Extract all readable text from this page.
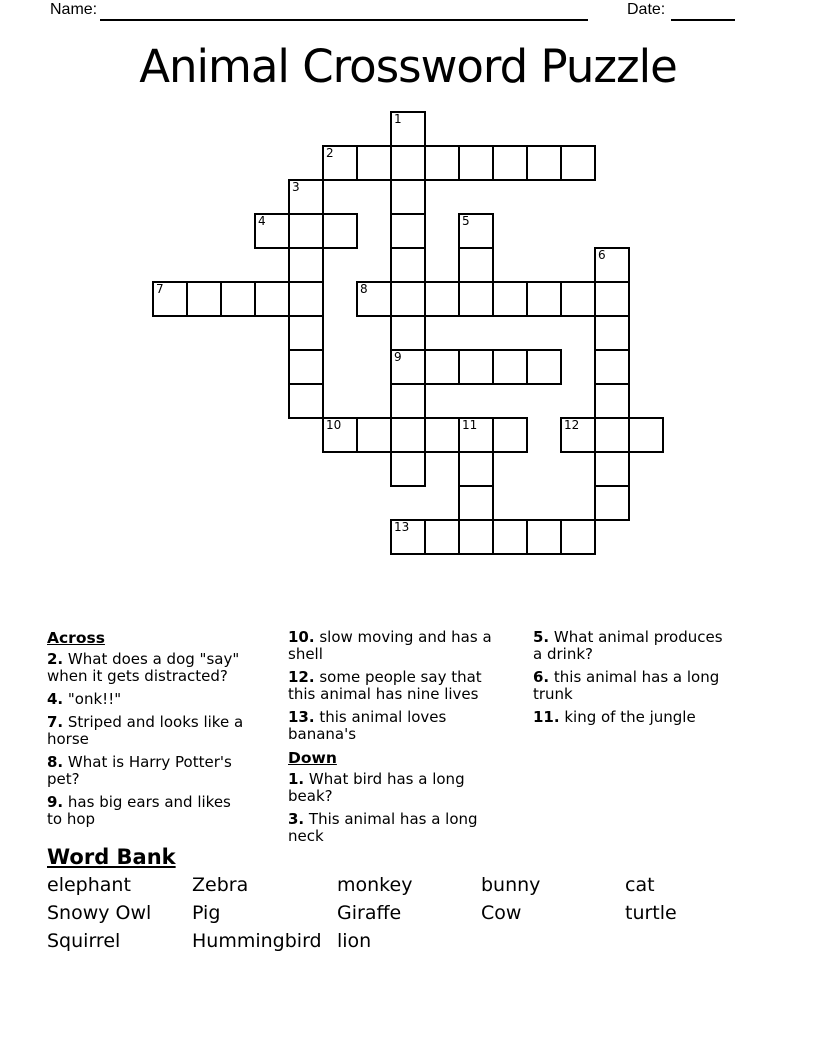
Name:	Date:
Animal Crossword Puzzle
1
2
3
4	5
6
7	8
9
10	11	12
13
Across
2. What does a dog "say" when it gets distracted?
4. "onk!!"
7. Striped and looks like a horse
8. What is Harry Potter's pet?
9. has big ears and likes to hop
10. slow moving and has a shell
12. some people say that this animal has nine lives
13. this animal loves banana's
Down
1. What bird has a long beak?
3. This animal has a long neck
5. What animal produces a drink?
6. this animal has a long trunk
11. king of the jungle
Word Bank
elephant	Zebra	monkey	bunny	cat
Snowy Owl	Pig	Giraffe	Cow	turtle
Squirrel	Hummingbird lion
